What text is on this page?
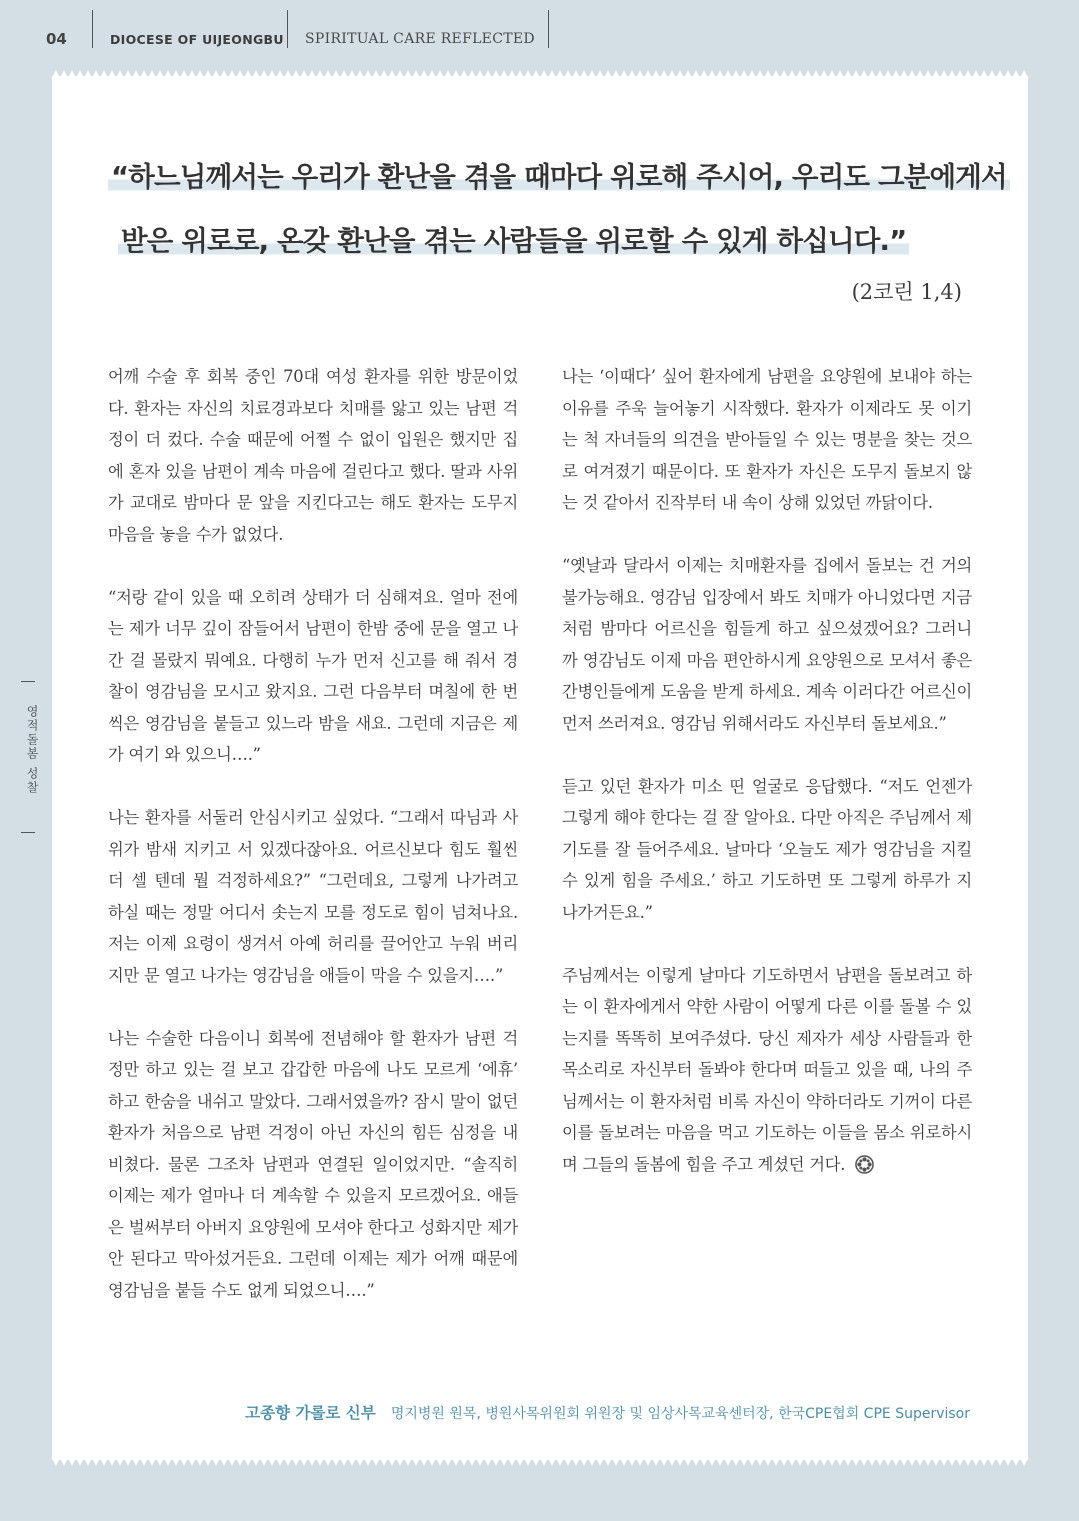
04	DIOCESE OF UIJEONGBU SPIRITUAL CARE REFLECTED
영적돌봄 성찰
“하느님께서는 우리가 환난을 겪을 때마다 위로해 주시어, 우리도 그분에게서
받은 위로로, 온갖 환난을 겪는 사람들을 위로할 수 있게 하십니다.”
(2코린 1,4)

어깨 수술 후 회복 중인 70대 여성 환자를 위한 방문이었다. 환자는 자신의 치료경과보다 치매를 앓고 있는 남편 걱정이 더 컸다. 수술 때문에 어쩔 수 없이 입원은 했지만 집에 혼자 있을 남편이 계속 마음에 걸린다고 했다. 딸과 사위가 교대로 밤마다 문 앞을 지킨다고는 해도 환자는 도무지 마음을 놓을 수가 없었다.

“저랑 같이 있을 때 오히려 상태가 더 심해져요. 얼마 전에는 제가 너무 깊이 잠들어서 남편이 한밤 중에 문을 열고 나간 걸 몰랐지 뭐예요. 다행히 누가 먼저 신고를 해 줘서 경찰이 영감님을 모시고 왔지요. 그런 다음부터 며칠에 한 번씩은 영감님을 붙들고 있느라 밤을 새요. 그런데 지금은 제가 여기 와 있으니….”

나는 환자를 서둘러 안심시키고 싶었다. “그래서 따님과 사위가 밤새 지키고 서 있겠다잖아요. 어르신보다 힘도 훨씬 더 셀 텐데 뭘 걱정하세요?” “그런데요, 그렇게 나가려고 하실 때는 정말 어디서 솟는지 모를 정도로 힘이 넘쳐나요. 저는 이제 요령이 생겨서 아예 허리를 끌어안고 누워 버리지만 문 열고 나가는 영감님을 애들이 막을 수 있을지….”

나는 수술한 다음이니 회복에 전념해야 할 환자가 남편 걱정만 하고 있는 걸 보고 갑갑한 마음에 나도 모르게 ‘에휴’ 하고 한숨을 내쉬고 말았다. 그래서였을까? 잠시 말이 없던 환자가 처음으로 남편 걱정이 아닌 자신의 힘든 심정을 내비쳤다. 물론 그조차 남편과 연결된 일이었지만. “솔직히 이제는 제가 얼마나 더 계속할 수 있을지 모르겠어요. 애들은 벌써부터 아버지 요양원에 모셔야 한다고 성화지만 제가 안 된다고 막아섰거든요. 그런데 이제는 제가 어깨 때문에 영감님을 붙들 수도 없게 되었으니….”

나는 ‘이때다’ 싶어 환자에게 남편을 요양원에 보내야 하는 이유를 주욱 늘어놓기 시작했다. 환자가 이제라도 못 이기는 척 자녀들의 의견을 받아들일 수 있는 명분을 찾는 것으로 여겨졌기 때문이다. 또 환자가 자신은 도무지 돌보지 않는 것 같아서 진작부터 내 속이 상해 있었던 까닭이다.

“옛날과 달라서 이제는 치매환자를 집에서 돌보는 건 거의 불가능해요. 영감님 입장에서 봐도 치매가 아니었다면 지금처럼 밤마다 어르신을 힘들게 하고 싶으셨겠어요? 그러니까 영감님도 이제 마음 편안하시게 요양원으로 모셔서 좋은 간병인들에게 도움을 받게 하세요. 계속 이러다간 어르신이 먼저 쓰러져요. 영감님 위해서라도 자신부터 돌보세요.”

듣고 있던 환자가 미소 띤 얼굴로 응답했다. “저도 언젠가 그렇게 해야 한다는 걸 잘 알아요. 다만 아직은 주님께서 제 기도를 잘 들어주세요. 날마다 ‘오늘도 제가 영감님을 지킬 수 있게 힘을 주세요.’ 하고 기도하면 또 그렇게 하루가 지나가거든요.”

주님께서는 이렇게 날마다 기도하면서 남편을 돌보려고 하는 이 환자에게서 약한 사람이 어떻게 다른 이를 돌볼 수 있는지를 똑똑히 보여주셨다. 당신 제자가 세상 사람들과 한목소리로 자신부터 돌봐야 한다며 떠들고 있을 때, 나의 주님께서는 이 환자처럼 비록 자신이 약하더라도 기꺼이 다른 이를 돌보려는 마음을 먹고 기도하는 이들을 몸소 위로하시며 그들의 돌봄에 힘을 주고 계셨던 거다.

고종향 가롤로 신부 명지병원 원목, 병원사목위원회 위원장 및 임상사목교육센터장, 한국CPE협회 CPE Supervisor
